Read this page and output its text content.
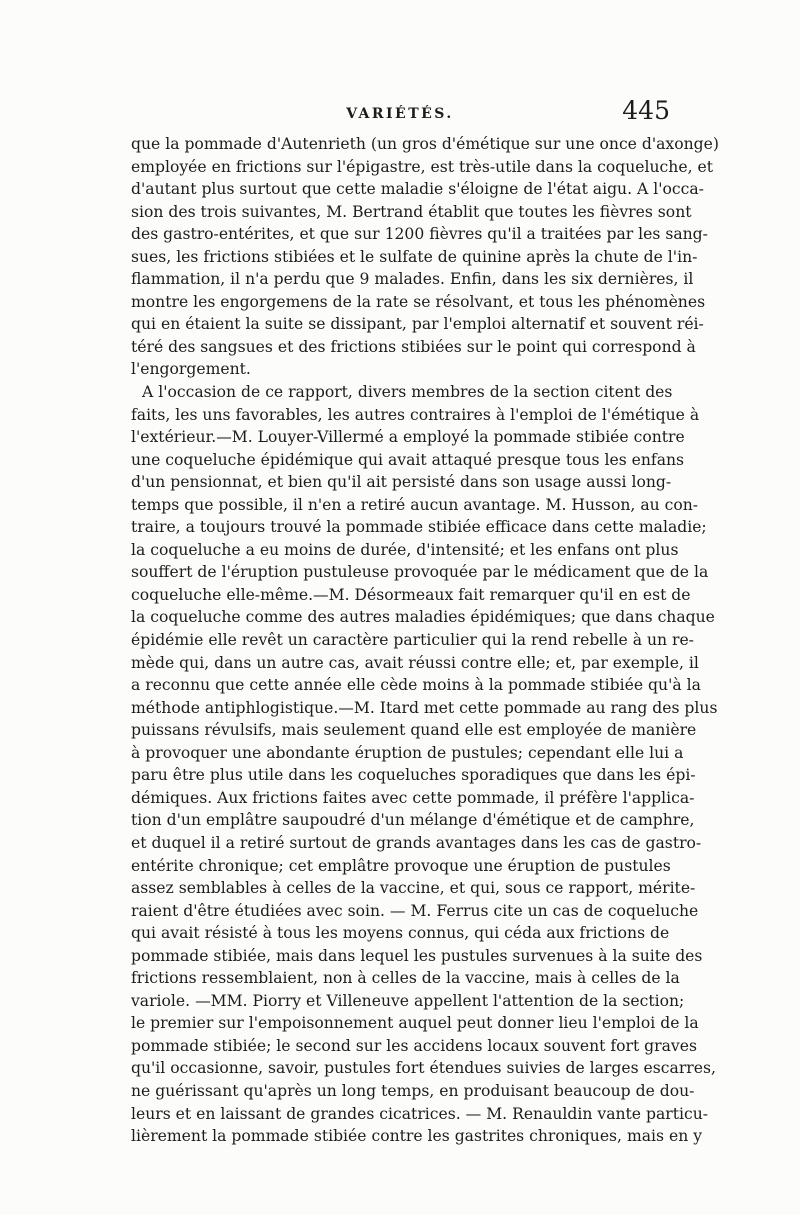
VARIÉTÉS.	445
que la pommade d'Autenrieth (un gros d'émétique sur une once d'axonge)
employée en frictions sur l'épigastre, est très-utile dans la coqueluche, et
d'autant plus surtout que cette maladie s'éloigne de l'état aigu. A l'occa-
sion des trois suivantes, M. Bertrand établit que toutes les fièvres sont
des gastro-entérites, et que sur 1200 fièvres qu'il a traitées par les sang-
sues, les frictions stibiées et le sulfate de quinine après la chute de l'in-
flammation, il n'a perdu que 9 malades. Enfin, dans les six dernières, il
montre les engorgemens de la rate se résolvant, et tous les phénomènes
qui en étaient la suite se dissipant, par l'emploi alternatif et souvent réi-
téré des sangsues et des frictions stibiées sur le point qui correspond à
l'engorgement.
A l'occasion de ce rapport, divers membres de la section citent des
faits, les uns favorables, les autres contraires à l'emploi de l'émétique à
l'extérieur.—M. Louyer-Villermé a employé la pommade stibiée contre
une coqueluche épidémique qui avait attaqué presque tous les enfans
d'un pensionnat, et bien qu'il ait persisté dans son usage aussi long-
temps que possible, il n'en a retiré aucun avantage. M. Husson, au con-
traire, a toujours trouvé la pommade stibiée efficace dans cette maladie;
la coqueluche a eu moins de durée, d'intensité; et les enfans ont plus
souffert de l'éruption pustuleuse provoquée par le médicament que de la
coqueluche elle-même.—M. Désormeaux fait remarquer qu'il en est de
la coqueluche comme des autres maladies épidémiques; que dans chaque
épidémie elle revêt un caractère particulier qui la rend rebelle à un re-
mède qui, dans un autre cas, avait réussi contre elle; et, par exemple, il
a reconnu que cette année elle cède moins à la pommade stibiée qu'à la
méthode antiphlogistique.—M. Itard met cette pommade au rang des plus
puissans révulsifs, mais seulement quand elle est employée de manière
à provoquer une abondante éruption de pustules; cependant elle lui a
paru être plus utile dans les coqueluches sporadiques que dans les épi-
démiques. Aux frictions faites avec cette pommade, il préfère l'applica-
tion d'un emplâtre saupoudré d'un mélange d'émétique et de camphre,
et duquel il a retiré surtout de grands avantages dans les cas de gastro-
entérite chronique; cet emplâtre provoque une éruption de pustules
assez semblables à celles de la vaccine, et qui, sous ce rapport, mérite-
raient d'être étudiées avec soin. — M. Ferrus cite un cas de coqueluche
qui avait résisté à tous les moyens connus, qui céda aux frictions de
pommade stibiée, mais dans lequel les pustules survenues à la suite des
frictions ressemblaient, non à celles de la vaccine, mais à celles de la
variole. —MM. Piorry et Villeneuve appellent l'attention de la section;
le premier sur l'empoisonnement auquel peut donner lieu l'emploi de la
pommade stibiée; le second sur les accidens locaux souvent fort graves
qu'il occasionne, savoir, pustules fort étendues suivies de larges escarres,
ne guérissant qu'après un long temps, en produisant beaucoup de dou-
leurs et en laissant de grandes cicatrices. — M. Renauldin vante particu-
lièrement la pommade stibiée contre les gastrites chroniques, mais en y
